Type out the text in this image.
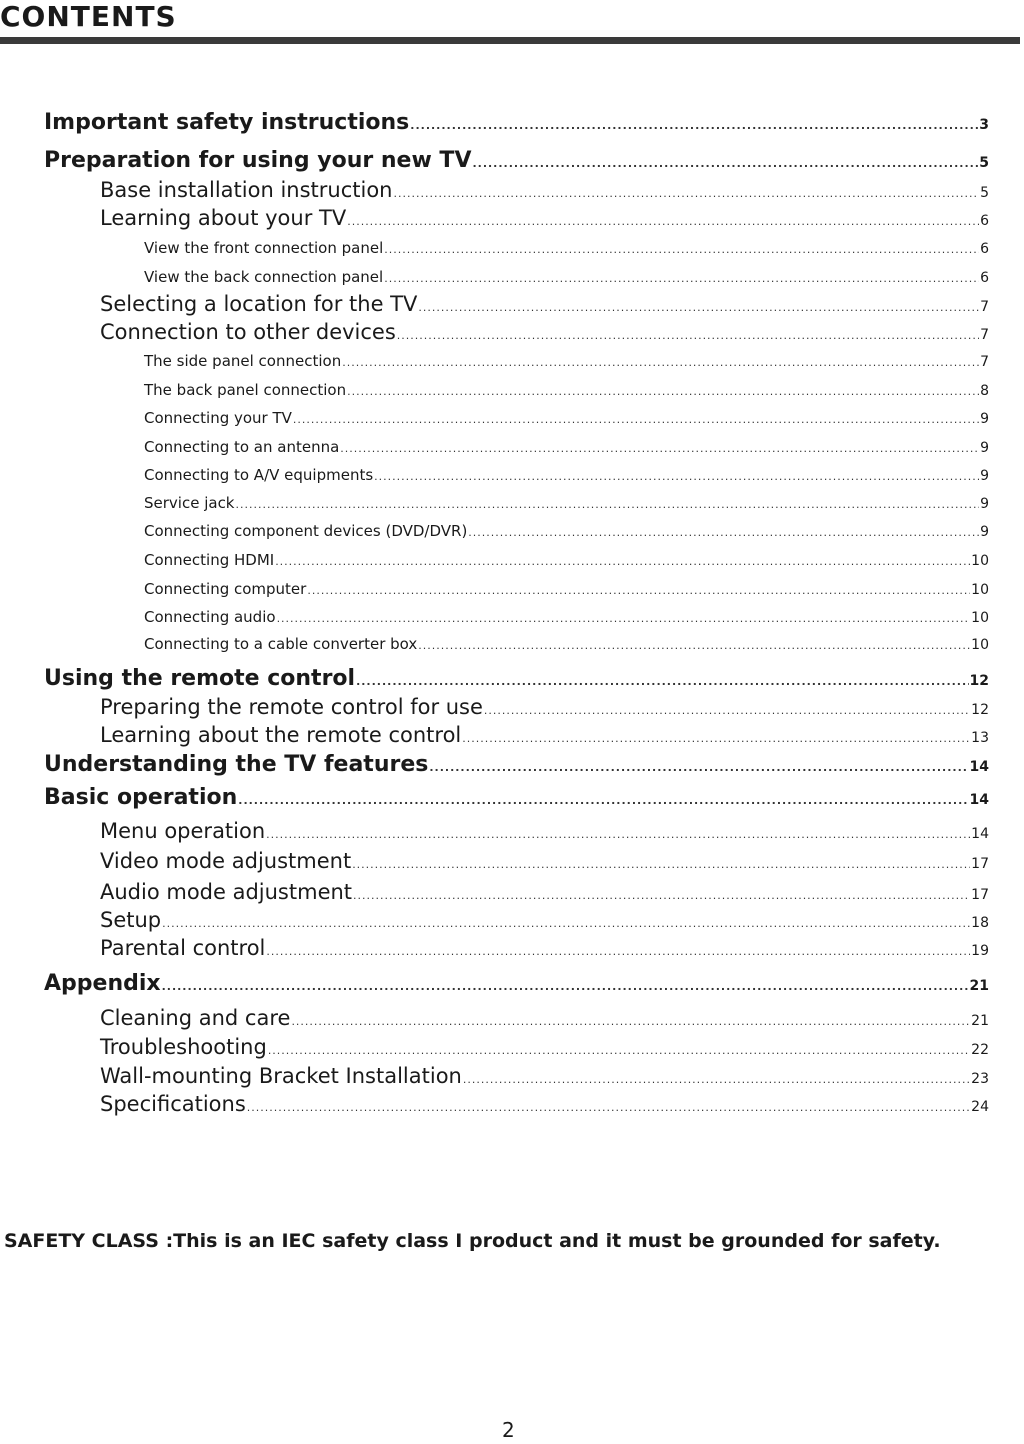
CONTENTS
Important safety instructions .....	3
Preparation for using your new TV .....	5
Base installation instruction .....	5
Learning about your TV .....	6
View the front connection panel .....	6
View the back connection panel .....	6
Selecting a location for the TV .....	7
Connection to other devices .....	7
The side panel connection .....	7
The back panel connection .....	8
Connecting your TV .....	9
Connecting to an antenna .....	9
Connecting to A/V equipments .....	9
Service jack .....	9
Connecting component devices (DVD/DVR) .....	9
Connecting HDMI .....	10
Connecting computer .....	10
Connecting audio .....	10
Connecting to a cable converter box .....	10
Using the remote control .....	12
Preparing the remote control for use .....	12
Learning about the remote control .....	13
Understanding the TV features .....	14
Basic operation .....	14
Menu operation .....	14
Video mode adjustment .....	17
Audio mode adjustment .....	17
Setup .....	18
Parental control .....	19
Appendix .....	21
Cleaning and care .....	21
Troubleshooting .....	22
Wall-mounting Bracket Installation .....	23
Specifications .....	24
SAFETY CLASS :This is an IEC safety class I product and it must be grounded for safety.
2
